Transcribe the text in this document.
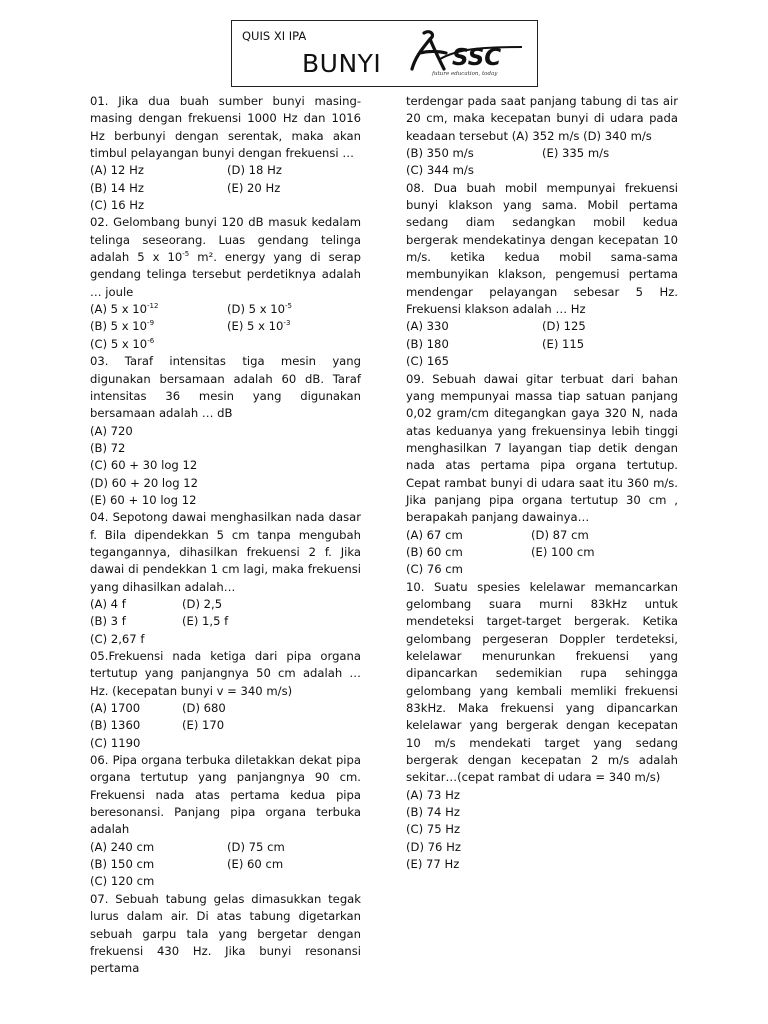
QUIS XI IPA
BUNYI	SSC
future education, today

01. Jika dua buah sumber bunyi masing-masing dengan frekuensi 1000 Hz dan 1016 Hz berbunyi dengan serentak, maka akan timbul pelayangan bunyi dengan frekuensi …

(A) 12 Hz	(D) 18 Hz
(B) 14 Hz	(E) 20 Hz
(C) 16 Hz

02. Gelombang bunyi 120 dB masuk kedalam telinga seseorang. Luas gendang telinga adalah 5 x $10^{-5}$ m². energy yang di serap gendang telinga tersebut perdetiknya adalah … joule

(A) 5 x $10^{-12}$	(D) 5 x $10^{-5}$
(B) 5 x $10^{-9}$	(E) 5 x $10^{-3}$
(C) 5 x $10^{-6}$

03. Taraf intensitas tiga mesin yang digunakan bersamaan adalah 60 dB. Taraf intensitas 36 mesin yang digunakan bersamaan adalah … dB

(A) 720
(B) 72
(C) 60 + 30 log 12
(D) 60 + 20 log 12
(E) 60 + 10 log 12

04. Sepotong dawai menghasilkan nada dasar f. Bila dipendekkan 5 cm tanpa mengubah tegangannya, dihasilkan frekuensi 2 f. Jika dawai di pendekkan 1 cm lagi, maka frekuensi yang dihasilkan adalah…

(A) 4 f	(D) 2,5
(B) 3 f	(E) 1,5 f
(C) 2,67 f

05.Frekuensi nada ketiga dari pipa organa tertutup yang panjangnya 50 cm adalah … Hz. (kecepatan bunyi v = 340 m/s)

(A) 1700	(D) 680
(B) 1360	(E) 170
(C) 1190

06. Pipa organa terbuka diletakkan dekat pipa organa tertutup yang panjangnya 90 cm. Frekuensi nada atas pertama kedua pipa beresonansi. Panjang pipa organa terbuka adalah

(A) 240 cm	(D) 75 cm
(B) 150 cm	(E) 60 cm
(C) 120 cm

07. Sebuah tabung gelas dimasukkan tegak lurus dalam air. Di atas tabung digetarkan sebuah garpu tala yang bergetar dengan frekuensi 430 Hz. Jika bunyi resonansi pertama

terdengar pada saat panjang tabung di tas air 20 cm, maka kecepatan bunyi di udara pada keadaan tersebut (A) 352 m/s (D) 340 m/s

(B) 350 m/s	(E) 335 m/s
(C) 344 m/s

08. Dua buah mobil mempunyai frekuensi bunyi klakson yang sama. Mobil pertama sedang diam sedangkan mobil kedua bergerak mendekatinya dengan kecepatan 10 m/s. ketika kedua mobil sama-sama membunyikan klakson, pengemusi pertama mendengar pelayangan sebesar 5 Hz. Frekuensi klakson adalah … Hz

(A) 330	(D) 125
(B) 180	(E) 115
(C) 165

09. Sebuah dawai gitar terbuat dari bahan yang mempunyai massa tiap satuan panjang 0,02 gram/cm ditegangkan gaya 320 N, nada atas keduanya yang frekuensinya lebih tinggi menghasilkan 7 layangan tiap detik dengan nada atas pertama pipa organa tertutup. Cepat rambat bunyi di udara saat itu 360 m/s. Jika panjang pipa organa tertutup 30 cm , berapakah panjang dawainya…

(A) 67 cm	(D) 87 cm
(B) 60 cm	(E) 100 cm
(C) 76 cm

10. Suatu spesies kelelawar memancarkan gelombang suara murni 83kHz untuk mendeteksi target-target bergerak. Ketika gelombang pergeseran Doppler terdeteksi, kelelawar menurunkan frekuensi yang dipancarkan sedemikian rupa sehingga gelombang yang kembali memliki frekuensi 83kHz. Maka frekuensi yang dipancarkan kelelawar yang bergerak dengan kecepatan 10 m/s mendekati target yang sedang bergerak dengan kecepatan 2 m/s adalah sekitar…(cepat rambat di udara = 340 m/s)

(A) 73 Hz
(B) 74 Hz
(C) 75 Hz
(D) 76 Hz
(E) 77 Hz
